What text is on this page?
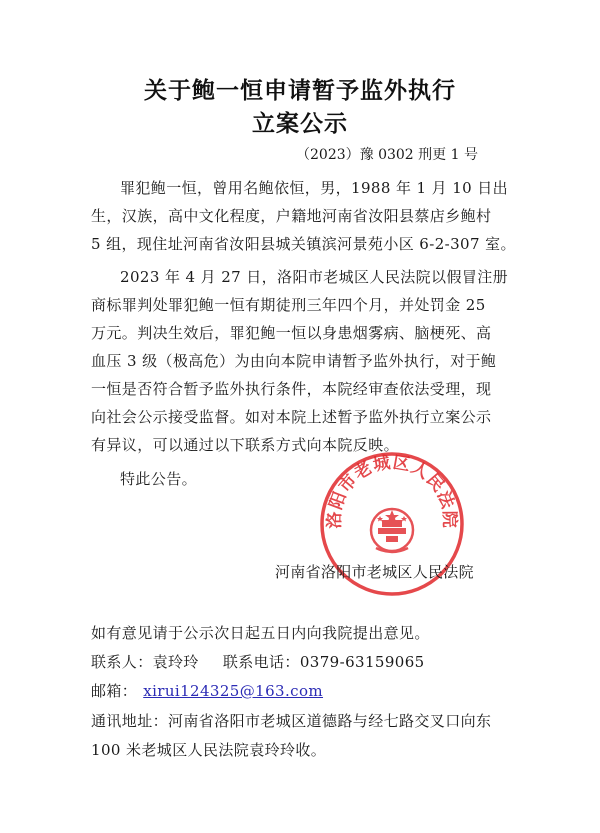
关于鲍一恒申请暂予监外执行
立案公示
（2023）豫 0302 刑更 1 号
罪犯鲍一恒，曾用名鲍依恒，男，1988 年 1 月 10 日出
生，汉族，高中文化程度，户籍地河南省汝阳县蔡店乡鲍村
5 组，现住址河南省汝阳县城关镇滨河景苑小区 6-2-307 室。
2023 年 4 月 27 日，洛阳市老城区人民法院以假冒注册
商标罪判处罪犯鲍一恒有期徒刑三年四个月，并处罚金 25
万元。判决生效后，罪犯鲍一恒以身患烟雾病、脑梗死、高
血压 3 级（极高危）为由向本院申请暂予监外执行，对于鲍
一恒是否符合暂予监外执行条件，本院经审查依法受理，现
向社会公示接受监督。如对本院上述暂予监外执行立案公示
有异议，可以通过以下联系方式向本院反映。
特此公告。
洛阳市老城区人民法院
河南省洛阳市老城区人民法院
如有意见请于公示次日起五日内向我院提出意见。
联系人：袁玲玲 联系电话：0379-63159065
邮箱： xirui124325@163.com
通讯地址：河南省洛阳市老城区道德路与经七路交叉口向东
100 米老城区人民法院袁玲玲收。
